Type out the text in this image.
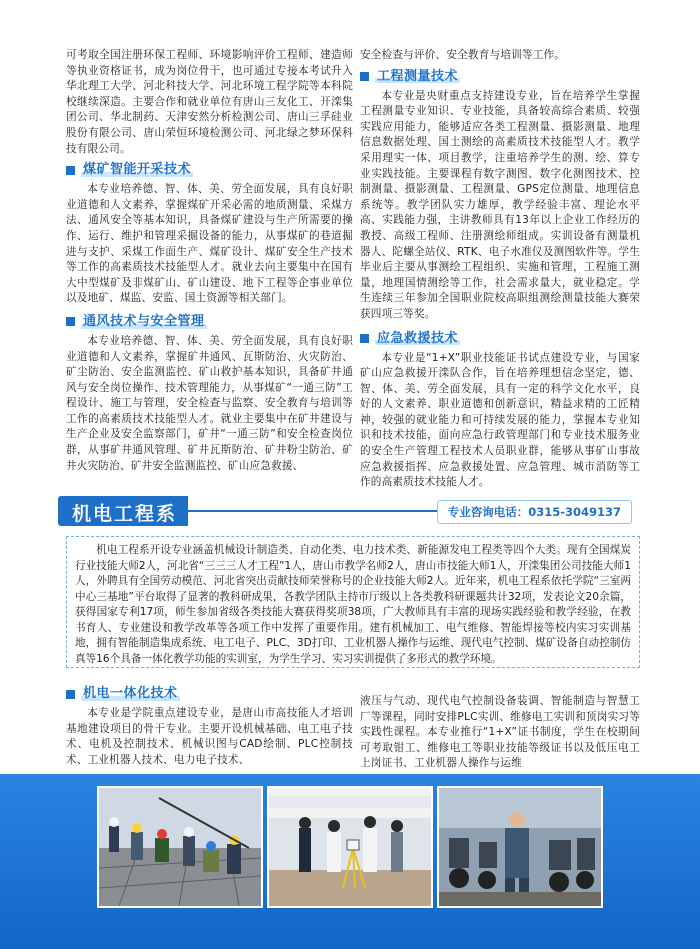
可考取全国注册环保工程师、环境影响评价工程师、建造师等执业资格证书，成为岗位骨干，也可通过专接本考试升入华北理工大学、河北科技大学、河北环境工程学院等本科院校继续深造。主要合作和就业单位有唐山三友化工、开滦集团公司、华北制药、天津安然分析检测公司、唐山三孚硅业股份有限公司、唐山荣恒环境检测公司、河北绿之梦环保科技有限公司。

煤矿智能开采技术

本专业培养德、智、体、美、劳全面发展，具有良好职业道德和人文素养，掌握煤矿开采必需的地质测量、采煤方法、通风安全等基本知识，具备煤矿建设与生产所需要的操作、运行、维护和管理采掘设备的能力，从事煤矿的巷道掘进与支护、采煤工作面生产、煤矿设计、煤矿安全生产技术等工作的高素质技术技能型人才。就业去向主要集中在国有大中型煤矿及非煤矿山、矿山建设、地下工程等企事业单位以及地矿、煤监、安监、国土资源等相关部门。

通风技术与安全管理

本专业培养德、智、体、美、劳全面发展，具有良好职业道德和人文素养，掌握矿井通风、瓦斯防治、火灾防治、矿尘防治、安全监测监控、矿山救护基本知识，具备矿井通风与安全岗位操作、技术管理能力，从事煤矿“一通三防”工程设计、施工与管理，安全检查与监察、安全教育与培训等工作的高素质技术技能型人才。就业主要集中在矿井建设与生产企业及安全监察部门，矿井“一通三防”和安全检查岗位群，从事矿井通风管理、矿井瓦斯防治、矿井粉尘防治、矿井火灾防治、矿井安全监测监控、矿山应急救援、

安全检查与评价、安全教育与培训等工作。

工程测量技术

本专业是央财重点支持建设专业，旨在培养学生掌握工程测量专业知识、专业技能，具备较高综合素质、较强实践应用能力，能够适应各类工程测量、摄影测量、地理信息数据处理、国土测绘的高素质技术技能型人才。教学采用理实一体、项目教学，注重培养学生的测、绘、算专业实践技能。主要课程有数字测图、数字化测图技术、控制测量、摄影测量、工程测量、GPS定位测量、地理信息系统等。教学团队实力雄厚，教学经验丰富、理论水平高、实践能力强，主讲教师具有13年以上企业工作经历的教授、高级工程师、注册测绘师组成。实训设备有测量机器人、陀螺全站仪、RTK、电子水准仪及测图软件等。学生毕业后主要从事测绘工程组织、实施和管理，工程施工测量，地理国情测绘等工作，社会需求量大，就业稳定。学生连续三年参加全国职业院校高职组测绘测量技能大赛荣获四项三等奖。

应急救援技术

本专业是“1+X”职业技能证书试点建设专业，与国家矿山应急救援开滦队合作，旨在培养理想信念坚定，德、智、体、美、劳全面发展，具有一定的科学文化水平，良好的人文素养、职业道德和创新意识，精益求精的工匠精神，较强的就业能力和可持续发展的能力，掌握本专业知识和技术技能，面向应急行政管理部门和专业技术服务业的安全生产管理工程技术人员职业群，能够从事矿山事故应急救援指挥、应急救援处置、应急管理、城市消防等工作的高素质技术技能人才。

机电工程系	专业咨询电话：0315-3049137

机电工程系开设专业涵盖机械设计制造类、自动化类、电力技术类、新能源发电工程类等四个大类。现有全国煤炭行业技能大师2人，河北省“三三三人才工程”1人，唐山市教学名师2人，唐山市技能大师1人，开滦集团公司技能大师1人，外聘具有全国劳动模范、河北省突出贡献技师荣誉称号的企业技能大师2人。近年来，机电工程系依托学院“三室两中心三基地”平台取得了显著的教科研成果，各教学团队主持市厅级以上各类教科研课题共计32项，发表论文20余篇，获得国家专利17项，师生参加省级各类技能大赛获得奖项38项，广大教师具有丰富的现场实践经验和教学经验，在教书育人、专业建设和教学改革等各项工作中发挥了重要作用。建有机械加工、电气维修、智能焊接等校内实习实训基地，拥有智能制造集成系统、电工电子、PLC、3D打印、工业机器人操作与运维、现代电气控制、煤矿设备自动控制仿真等16个具备一体化教学功能的实训室，为学生学习、实习实训提供了多形式的教学环境。

机电一体化技术

本专业是学院重点建设专业，是唐山市高技能人才培训基地建设项目的骨干专业。主要开设机械基础、电工电子技术、电机及控制技术、机械识图与CAD绘制、PLC控制技术、工业机器人技术、电力电子技术、

液压与气动、现代电气控制设备装调、智能制造与智慧工厂等课程，同时安排PLC实训、维修电工实训和顶岗实习等实践性课程。本专业推行“1+X”证书制度，学生在校期间可考取钳工、维修电工等职业技能等级证书以及低压电工上岗证书、工业机器人操作与运维
